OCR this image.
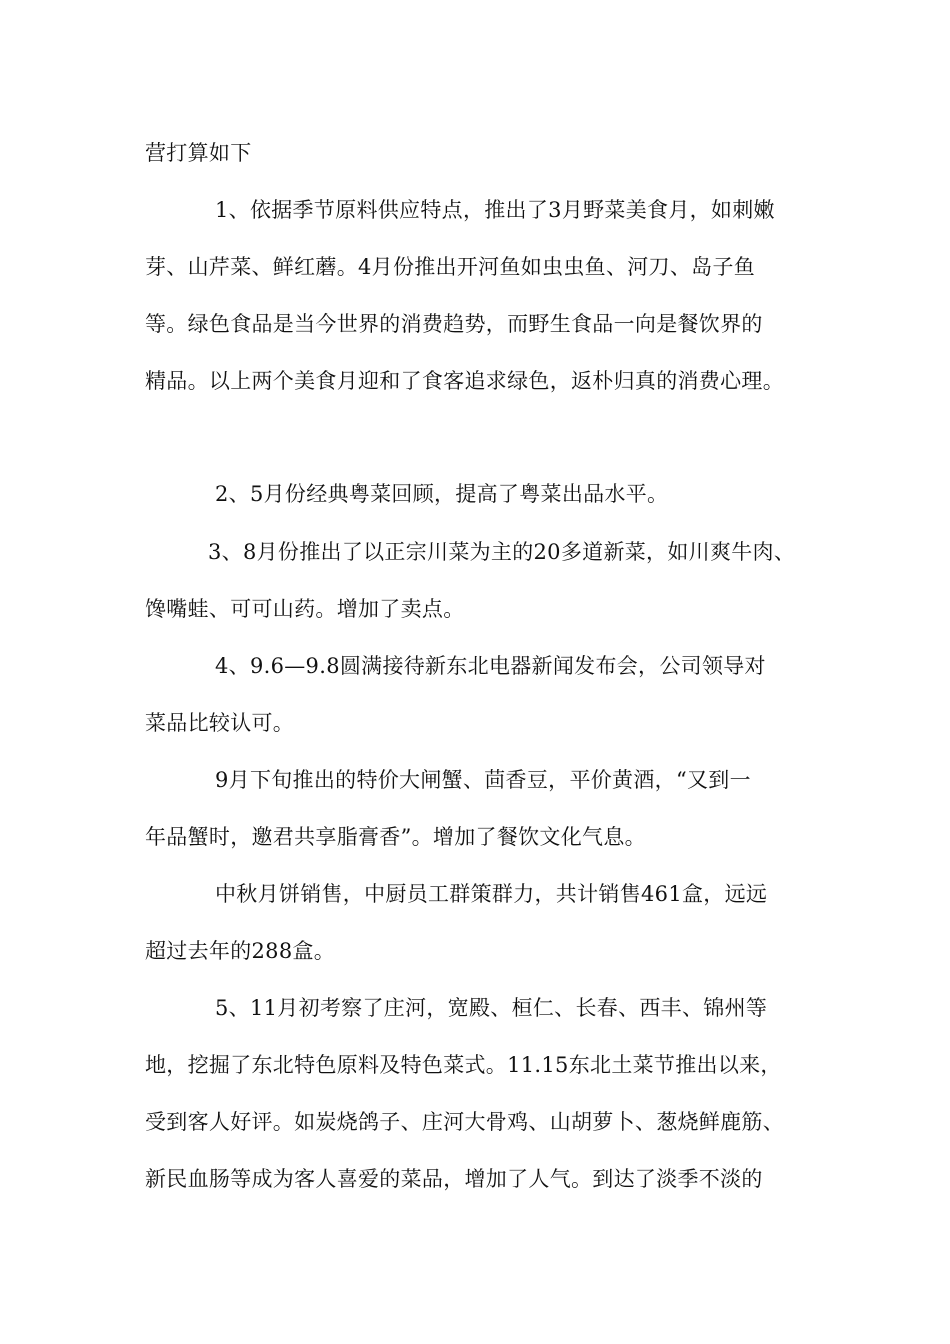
营打算如下
1、依据季节原料供应特点，推出了3月野菜美食月，如刺嫩
芽、山芹菜、鲜红蘑。4月份推出开河鱼如虫虫鱼、河刀、岛子鱼
等。绿色食品是当今世界的消费趋势，而野生食品一向是餐饮界的
精品。以上两个美食月迎和了食客追求绿色，返朴归真的消费心理。
2、5月份经典粤菜回顾，提高了粤菜出品水平。
3、8月份推出了以正宗川菜为主的20多道新菜，如川爽牛肉、
馋嘴蛙、可可山药。增加了卖点。
4、9.6—9.8圆满接待新东北电器新闻发布会，公司领导对
菜品比较认可。
9月下旬推出的特价大闸蟹、茴香豆，平价黄酒，“又到一
年品蟹时，邀君共享脂膏香”。增加了餐饮文化气息。
中秋月饼销售，中厨员工群策群力，共计销售461盒，远远
超过去年的288盒。
5、11月初考察了庄河，宽殿、桓仁、长春、西丰、锦州等
地，挖掘了东北特色原料及特色菜式。11.15东北土菜节推出以来，
受到客人好评。如炭烧鸽子、庄河大骨鸡、山胡萝卜、葱烧鲜鹿筋、
新民血肠等成为客人喜爱的菜品，增加了人气。到达了淡季不淡的
